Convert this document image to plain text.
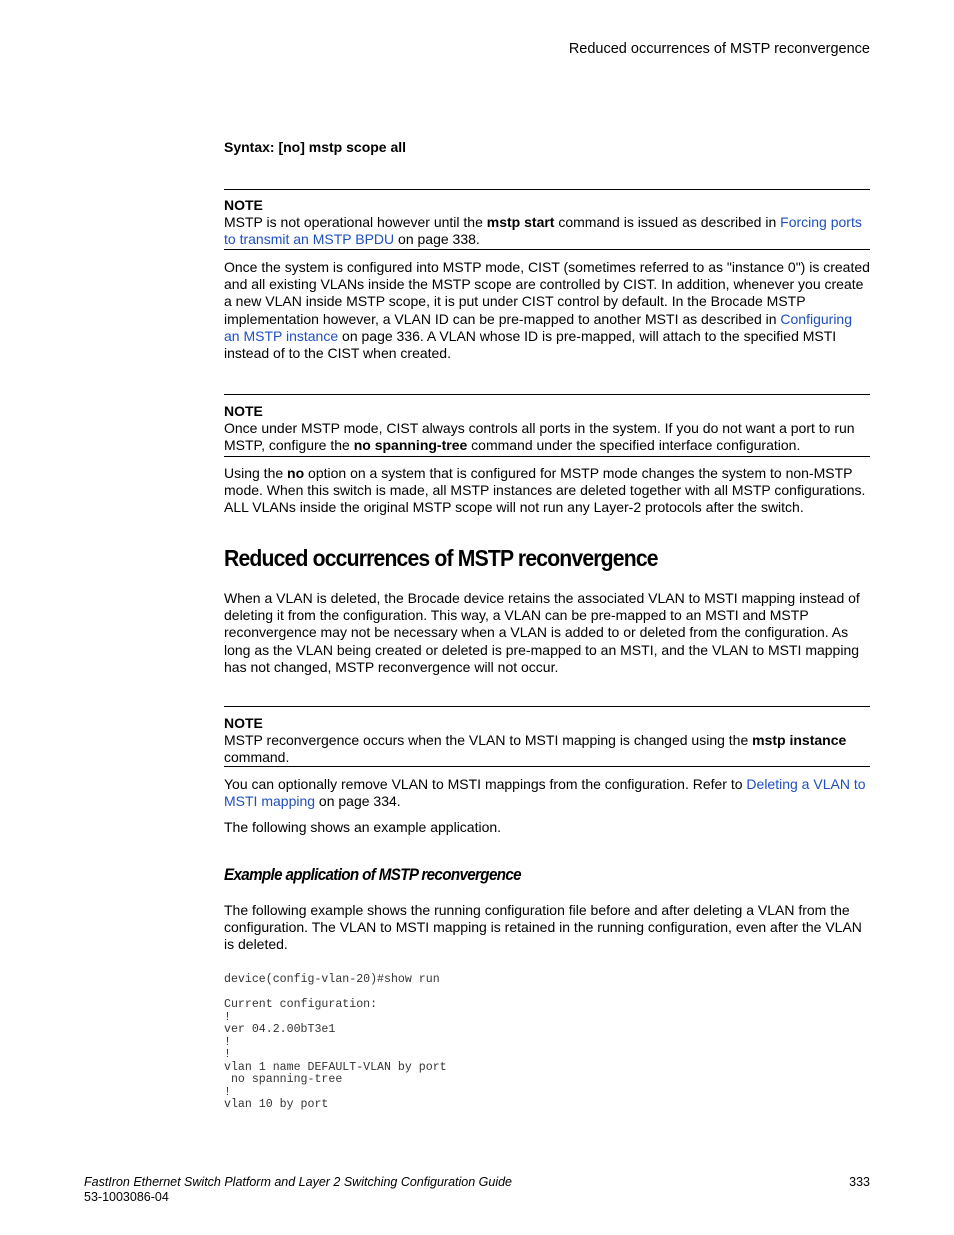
Reduced occurrences of MSTP reconvergence

Syntax: [no] mstp scope all

NOTE

MSTP is not operational however until the mstp start command is issued as described in Forcing ports to transmit an MSTP BPDU on page 338.

Once the system is configured into MSTP mode, CIST (sometimes referred to as "instance 0") is created and all existing VLANs inside the MSTP scope are controlled by CIST. In addition, whenever you create a new VLAN inside MSTP scope, it is put under CIST control by default. In the Brocade MSTP implementation however, a VLAN ID can be pre-mapped to another MSTI as described in Configuring an MSTP instance on page 336. A VLAN whose ID is pre-mapped, will attach to the specified MSTI instead of to the CIST when created.

NOTE

Once under MSTP mode, CIST always controls all ports in the system. If you do not want a port to run MSTP, configure the no spanning-tree command under the specified interface configuration.

Using the no option on a system that is configured for MSTP mode changes the system to non-MSTP mode. When this switch is made, all MSTP instances are deleted together with all MSTP configurations. ALL VLANs inside the original MSTP scope will not run any Layer-2 protocols after the switch.

Reduced occurrences of MSTP reconvergence

When a VLAN is deleted, the Brocade device retains the associated VLAN to MSTI mapping instead of deleting it from the configuration. This way, a VLAN can be pre-mapped to an MSTI and MSTP reconvergence may not be necessary when a VLAN is added to or deleted from the configuration. As long as the VLAN being created or deleted is pre-mapped to an MSTI, and the VLAN to MSTI mapping has not changed, MSTP reconvergence will not occur.

NOTE

MSTP reconvergence occurs when the VLAN to MSTI mapping is changed using the mstp instance command.

You can optionally remove VLAN to MSTI mappings from the configuration. Refer to Deleting a VLAN to MSTI mapping on page 334.

The following shows an example application.

Example application of MSTP reconvergence

The following example shows the running configuration file before and after deleting a VLAN from the configuration. The VLAN to MSTI mapping is retained in the running configuration, even after the VLAN is deleted.

device(config-vlan-20)#show run

Current configuration:
!
ver 04.2.00bT3e1
!
!
vlan 1 name DEFAULT-VLAN by port
no spanning-tree
!
vlan 10 by port
FastIron Ethernet Switch Platform and Layer 2 Switching Configuration Guide
53-1003086-04
333
